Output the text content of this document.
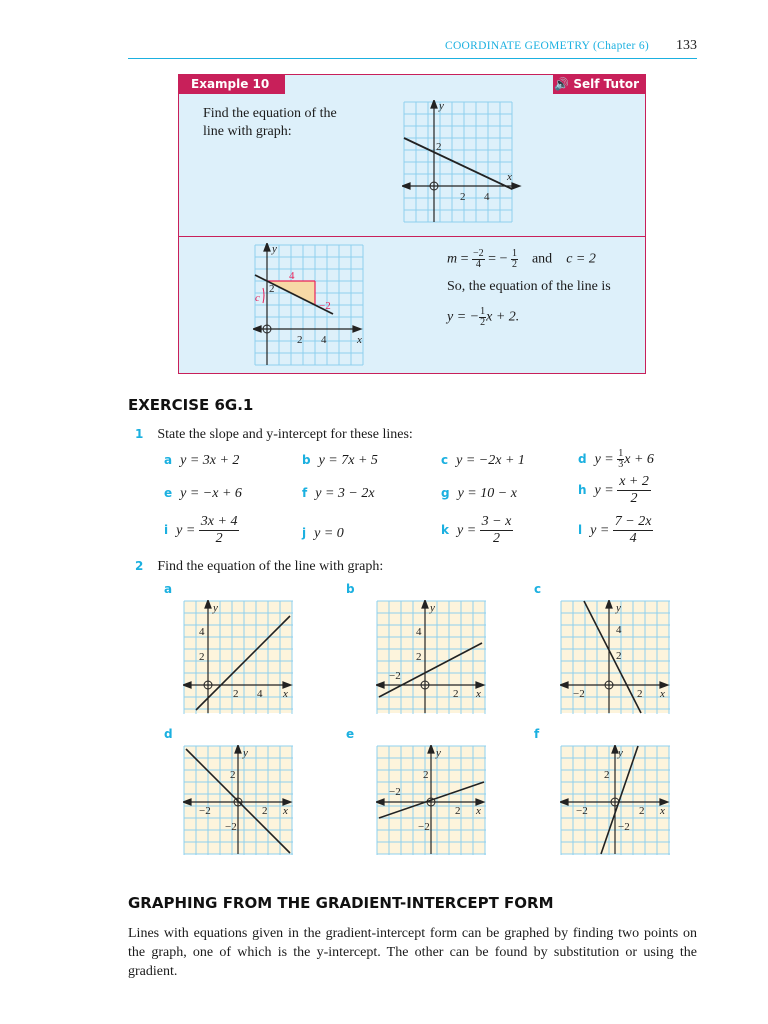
COORDINATE GEOMETRY (Chapter 6) 133
Example 10	🔊 Self Tutor
Find the equation of the
line with graph:
y
x
2
2 4
y
x
2
2 4
4
−2
c
$m = \frac{-2}{4}$ = − $\frac{1}{2}$ and c = 2
So, the equation of the line is
y = − $\frac{1}{2}$ x + 2.
EXERCISE 6G.1
1 State the slope and y-intercept for these lines:
a y = 3x + 2	b y = 7x + 5	c y = −2x + 1	d $y = \frac{1}{3}$ x + 6
e y = −x + 6	f y = 3 − 2x	g y = 10 − x	h $y = \frac{x + 2}{2}$
i $y = \frac{3x + 4}{2}$	j y = 0	k $y = \frac{3 - x}{2}$	l $y = \frac{7 - 2x}{4}$
2 Find the equation of the line with graph:
a	b	c
d	e	f
y
x
4
2
2 4
y
x
4
2
−2
2
y
x
4
2
−2	2
y
x
2
−2	2
−2
y
x
2
−2
2
−2
y
x
2
−2	2
−2
GRAPHING FROM THE GRADIENT-INTERCEPT FORM
Lines with equations given in the gradient-intercept form can be graphed by finding two points on the graph, one of which is the y-intercept. The other can be found by substitution or using the gradient.
